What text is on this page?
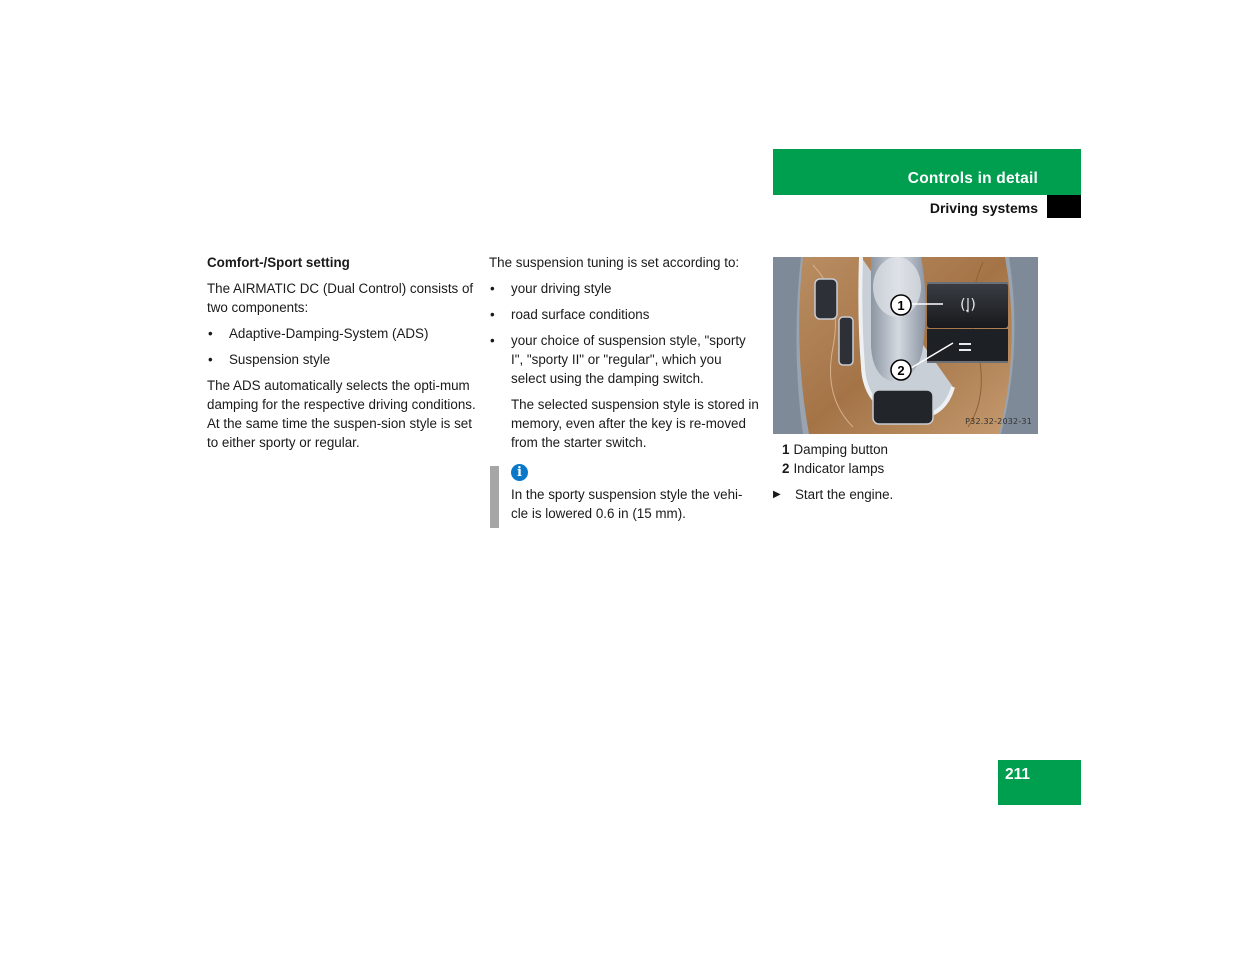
Controls in detail
Driving systems

Comfort-/Sport setting

The AIRMATIC DC (Dual Control) consists of two components:

• Adaptive-Damping-System (ADS)
• Suspension style

The ADS automatically selects the opti-mum damping for the respective driving conditions. At the same time the suspen-sion style is set to either sporty or regular.

The suspension tuning is set according to:

• your driving style
• road surface conditions
• your choice of suspension style, "sporty I", "sporty II" or "regular", which you select using the damping switch.

The selected suspension style is stored in memory, even after the key is re-moved from the starter switch.

i

In the sporty suspension style the vehi-cle is lowered 0.6 in (15 mm).

(|̣)
1
2
P32.32-2032-31
1 Damping button
2 Indicator lamps
▶ Start the engine.
211
